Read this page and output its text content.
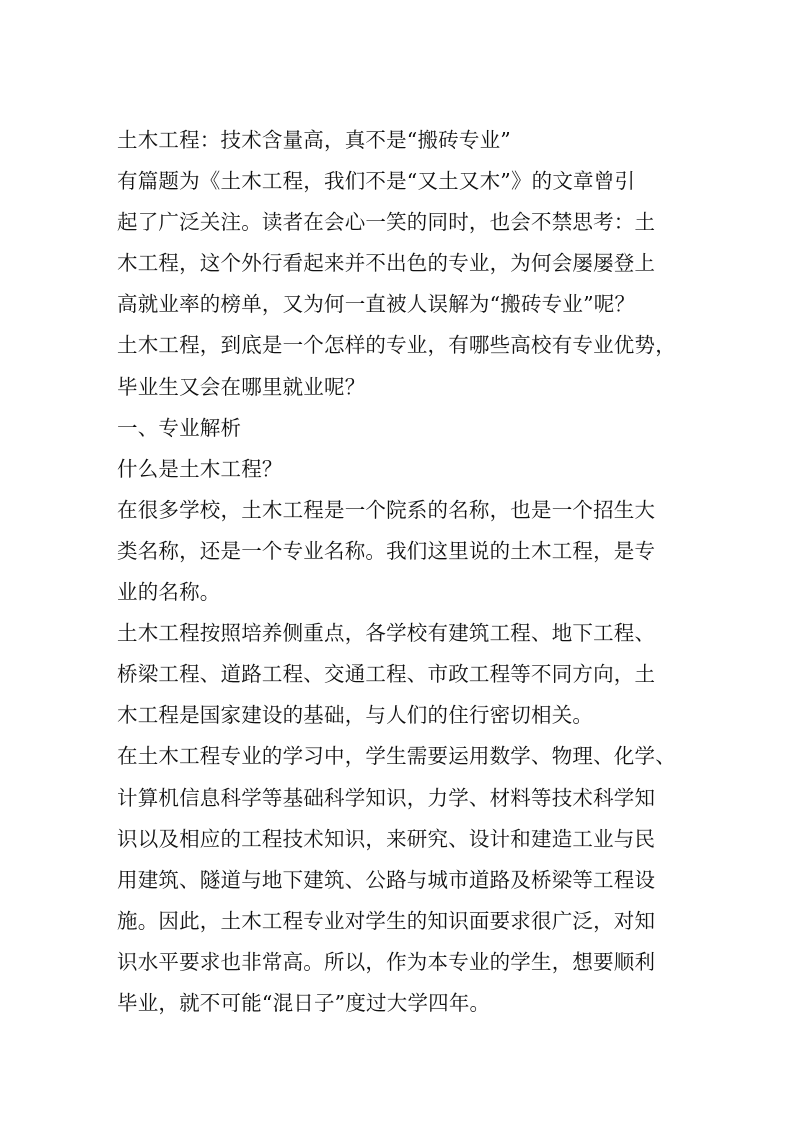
土木工程：技术含量高，真不是“搬砖专业”
有篇题为《土木工程，我们不是“又土又木”》的文章曾引
起了广泛关注。读者在会心一笑的同时，也会不禁思考：土
木工程，这个外行看起来并不出色的专业，为何会屡屡登上
高就业率的榜单，又为何一直被人误解为“搬砖专业”呢？
土木工程，到底是一个怎样的专业，有哪些高校有专业优势，
毕业生又会在哪里就业呢？
一、专业解析
什么是土木工程？
在很多学校，土木工程是一个院系的名称，也是一个招生大
类名称，还是一个专业名称。我们这里说的土木工程，是专
业的名称。
土木工程按照培养侧重点，各学校有建筑工程、地下工程、
桥梁工程、道路工程、交通工程、市政工程等不同方向，土
木工程是国家建设的基础，与人们的住行密切相关。
在土木工程专业的学习中，学生需要运用数学、物理、化学、
计算机信息科学等基础科学知识，力学、材料等技术科学知
识以及相应的工程技术知识，来研究、设计和建造工业与民
用建筑、隧道与地下建筑、公路与城市道路及桥梁等工程设
施。因此，土木工程专业对学生的知识面要求很广泛，对知
识水平要求也非常高。所以，作为本专业的学生，想要顺利
毕业，就不可能“混日子”度过大学四年。
